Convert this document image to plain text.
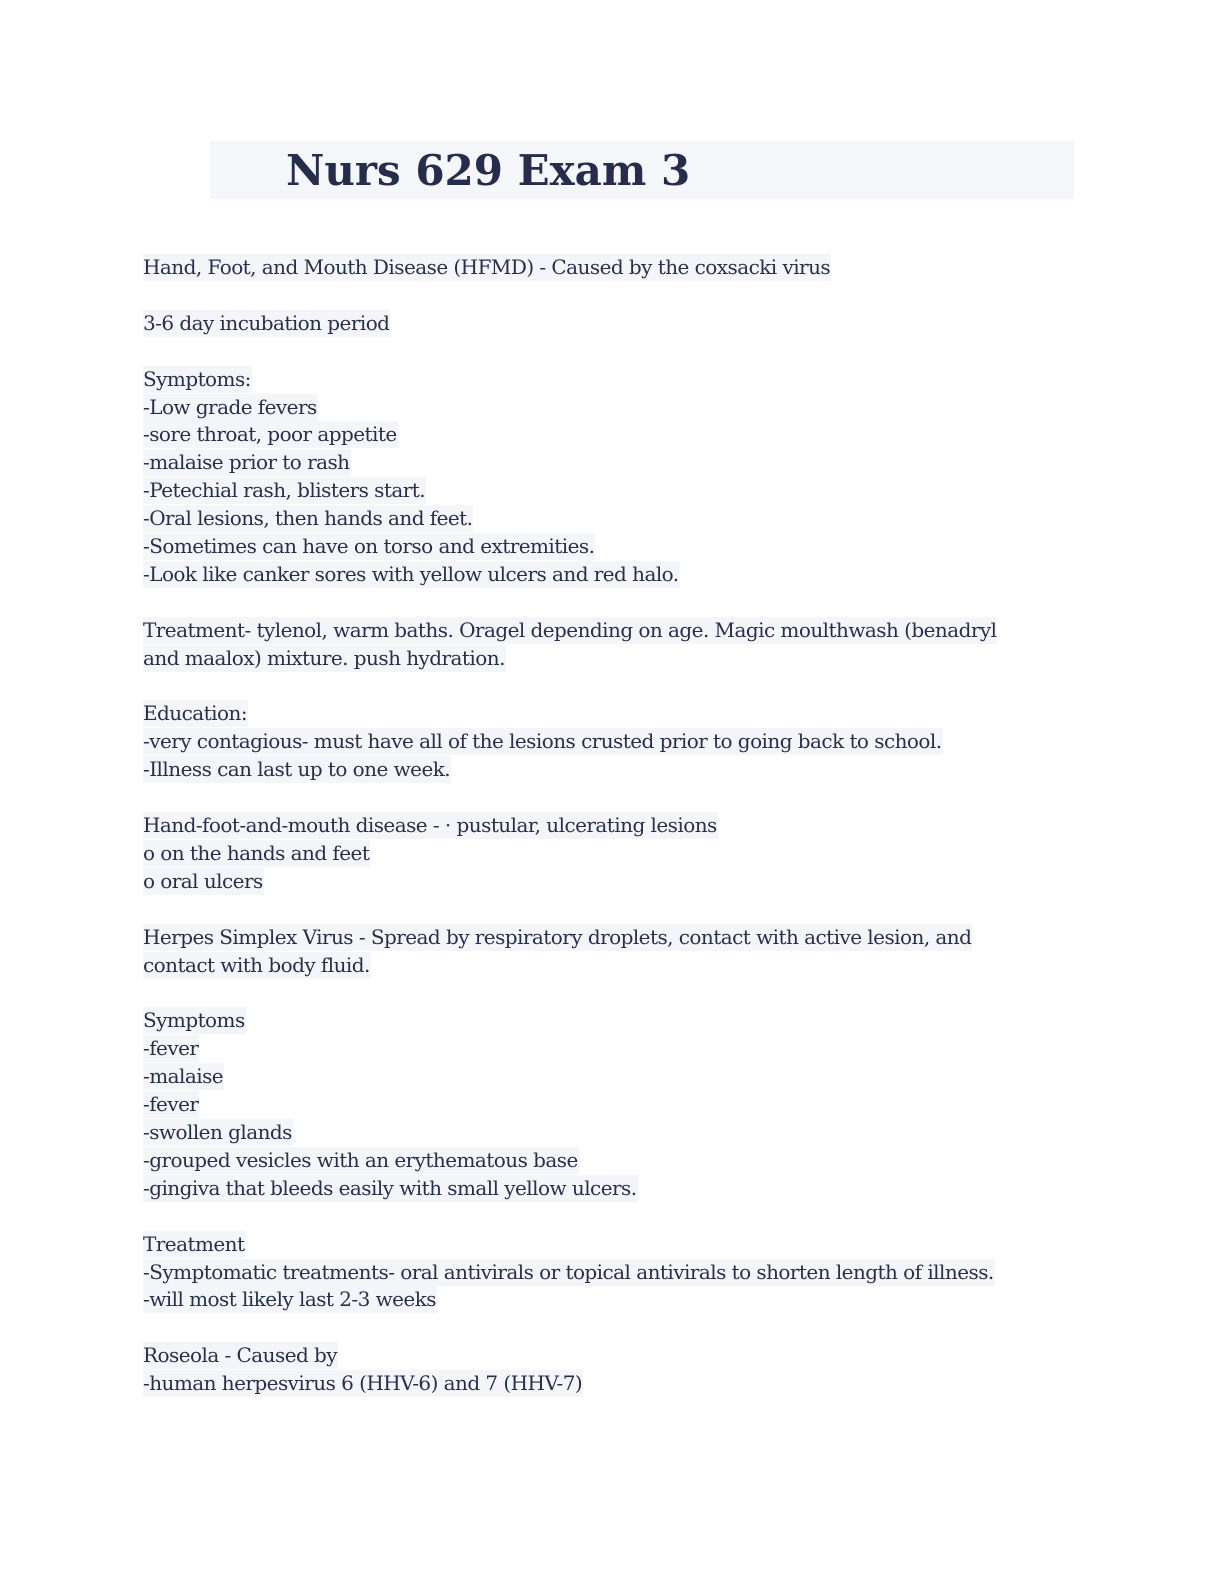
Nurs 629 Exam 3
Hand, Foot, and Mouth Disease (HFMD) - Caused by the coxsacki virus
3-6 day incubation period
Symptoms:
-Low grade fevers
-sore throat, poor appetite
-malaise prior to rash
-Petechial rash, blisters start.
-Oral lesions, then hands and feet.
-Sometimes can have on torso and extremities.
-Look like canker sores with yellow ulcers and red halo.
Treatment- tylenol, warm baths. Oragel depending on age. Magic moulthwash (benadryl
and maalox) mixture. push hydration.
Education:
-very contagious- must have all of the lesions crusted prior to going back to school.
-Illness can last up to one week.
Hand-foot-and-mouth disease - · pustular, ulcerating lesions
o on the hands and feet
o oral ulcers
Herpes Simplex Virus - Spread by respiratory droplets, contact with active lesion, and
contact with body fluid.
Symptoms
-fever
-malaise
-fever
-swollen glands
-grouped vesicles with an erythematous base
-gingiva that bleeds easily with small yellow ulcers.
Treatment
-Symptomatic treatments- oral antivirals or topical antivirals to shorten length of illness.
-will most likely last 2-3 weeks
Roseola - Caused by
-human herpesvirus 6 (HHV-6) and 7 (HHV-7)
